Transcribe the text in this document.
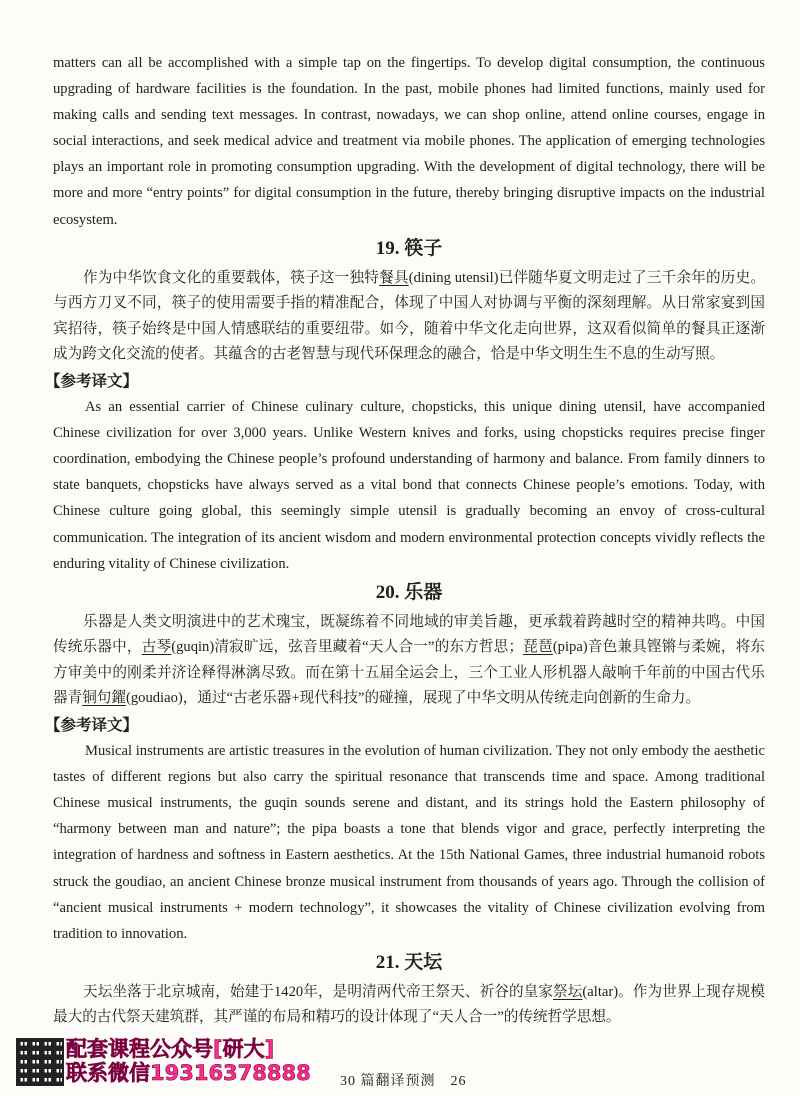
matters can all be accomplished with a simple tap on the fingertips. To develop digital consumption, the continuous upgrading of hardware facilities is the foundation. In the past, mobile phones had limited functions, mainly used for making calls and sending text messages. In contrast, nowadays, we can shop online, attend online courses, engage in social interactions, and seek medical advice and treatment via mobile phones. The application of emerging technologies plays an important role in promoting consumption upgrading. With the development of digital technology, there will be more and more “entry points” for digital consumption in the future, thereby bringing disruptive impacts on the industrial ecosystem.

19. 筷子

作为中华饮食文化的重要载体，筷子这一独特餐具(dining utensil)已伴随华夏文明走过了三千余年的历史。与西方刀叉不同，筷子的使用需要手指的精准配合，体现了中国人对协调与平衡的深刻理解。从日常家宴到国宾招待，筷子始终是中国人情感联结的重要纽带。如今，随着中华文化走向世界，这双看似简单的餐具正逐渐成为跨文化交流的使者。其蕴含的古老智慧与现代环保理念的融合，恰是中华文明生生不息的生动写照。

【参考译文】

As an essential carrier of Chinese culinary culture, chopsticks, this unique dining utensil, have accompanied Chinese civilization for over 3,000 years. Unlike Western knives and forks, using chopsticks requires precise finger coordination, embodying the Chinese people’s profound understanding of harmony and balance. From family dinners to state banquets, chopsticks have always served as a vital bond that connects Chinese people’s emotions. Today, with Chinese culture going global, this seemingly simple utensil is gradually becoming an envoy of cross-cultural communication. The integration of its ancient wisdom and modern environmental protection concepts vividly reflects the enduring vitality of Chinese civilization.

20. 乐器

乐器是人类文明演进中的艺术瑰宝，既凝练着不同地域的审美旨趣，更承载着跨越时空的精神共鸣。中国传统乐器中，古琴(guqin)清寂旷远，弦音里藏着“天人合一”的东方哲思；琵琶(pipa)音色兼具铿锵与柔婉，将东方审美中的刚柔并济诠释得淋漓尽致。而在第十五届全运会上，三个工业人形机器人敲响千年前的中国古代乐器青铜句鑃(goudiao)，通过“古老乐器+现代科技”的碰撞，展现了中华文明从传统走向创新的生命力。

【参考译文】

Musical instruments are artistic treasures in the evolution of human civilization. They not only embody the aesthetic tastes of different regions but also carry the spiritual resonance that transcends time and space. Among traditional Chinese musical instruments, the guqin sounds serene and distant, and its strings hold the Eastern philosophy of “harmony between man and nature”; the pipa boasts a tone that blends vigor and grace, perfectly interpreting the integration of hardness and softness in Eastern aesthetics. At the 15th National Games, three industrial humanoid robots struck the goudiao, an ancient Chinese bronze musical instrument from thousands of years ago. Through the collision of “ancient musical instruments + modern technology”, it showcases the vitality of Chinese civilization evolving from tradition to innovation.

21. 天坛

天坛坐落于北京城南，始建于1420年，是明清两代帝王祭天、祈谷的皇家祭坛(altar)。作为世界上现存规模最大的古代祭天建筑群，其严谨的布局和精巧的设计体现了“天人合一”的传统哲学思想。

配套课程公众号[研大]
联系微信19316378888 30 篇翻译预测　26
